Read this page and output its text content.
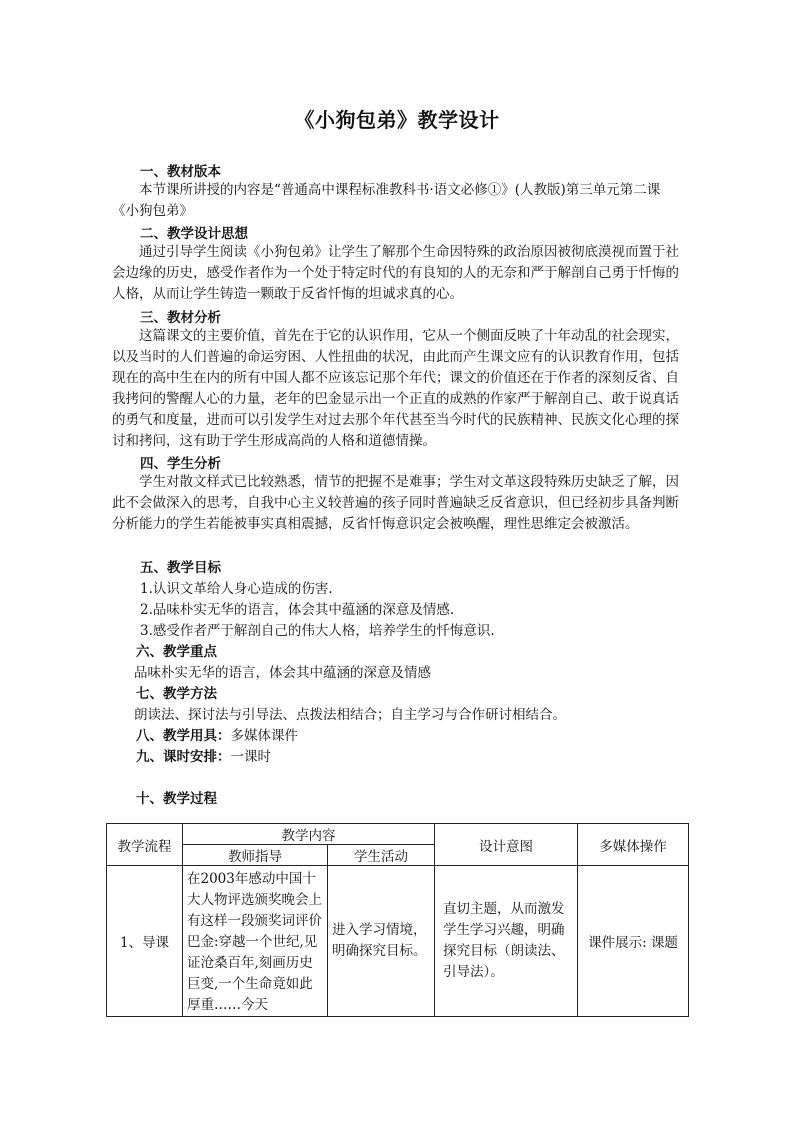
《小狗包弟》教学设计
一、教材版本
本节课所讲授的内容是“普通高中课程标准教科书·语文必修①》(人教版)第三单元第二课《小狗包弟》
二、教学设计思想
通过引导学生阅读《小狗包弟》让学生了解那个生命因特殊的政治原因被彻底漠视而置于社会边缘的历史，感受作者作为一个处于特定时代的有良知的人的无奈和严于解剖自己勇于忏悔的人格，从而让学生铸造一颗敢于反省忏悔的坦诚求真的心。
三、教材分析
这篇课文的主要价值，首先在于它的认识作用，它从一个侧面反映了十年动乱的社会现实，以及当时的人们普遍的命运穷困、人性扭曲的状况，由此而产生课文应有的认识教育作用，包括现在的高中生在内的所有中国人都不应该忘记那个年代；课文的价值还在于作者的深刻反省、自我拷问的警醒人心的力量，老年的巴金显示出一个正直的成熟的作家严于解剖自己、敢于说真话的勇气和度量，进而可以引发学生对过去那个年代甚至当今时代的民族精神、民族文化心理的探讨和拷问，这有助于学生形成高尚的人格和道德情操。
四、学生分析
学生对散文样式已比较熟悉，情节的把握不是难事；学生对文革这段特殊历史缺乏了解，因此不会做深入的思考，自我中心主义较普遍的孩子同时普遍缺乏反省意识，但已经初步具备判断分析能力的学生若能被事实真相震撼，反省忏悔意识定会被唤醒，理性思维定会被激活。
五、教学目标
1.认识文革给人身心造成的伤害.
2.品味朴实无华的语言，体会其中蕴涵的深意及情感.
3.感受作者严于解剖自己的伟大人格，培养学生的忏悔意识.
六、教学重点
品味朴实无华的语言，体会其中蕴涵的深意及情感
七、教学方法
朗读法、探讨法与引导法、点拨法相结合；自主学习与合作研讨相结合。
八、教学用具：多媒体课件
九、课时安排：一课时
十、教学过程
教学流程	教学内容		设计意图	多媒体操作
	教师指导	学生活动		
1、导课	在2003年感动中国十大人物评选颁奖晚会上有这样一段颁奖词评价巴金:穿越一个世纪,见证沧桑百年,刻画历史巨变,一个生命竟如此厚重……今天	进入学习情境，明确探究目标。	直切主题，从而激发学生学习兴趣，明确探究目标（朗读法、引导法）。	课件展示: 课题
